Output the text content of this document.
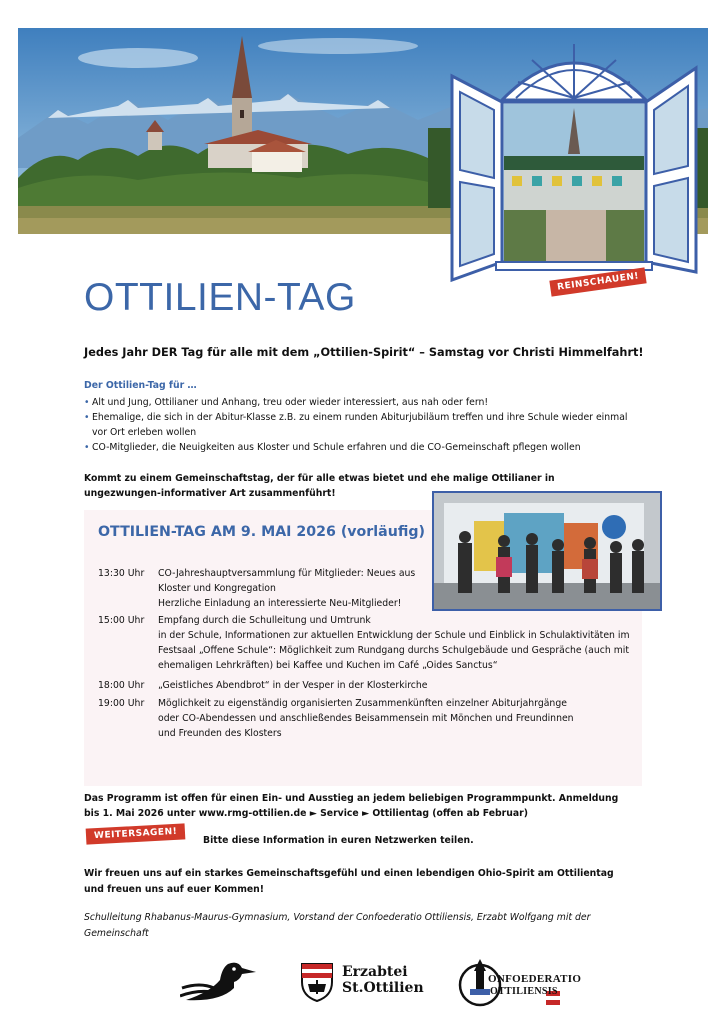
REINSCHAUEN!
OTTILIEN-TAG
Jedes Jahr DER Tag für alle mit dem „Ottilien-Spirit“ – Samstag vor Christi Himmelfahrt!
Der Ottilien-Tag für …
• Alt und Jung, Ottilianer und Anhang, treu oder wieder interessiert, aus nah oder fern!
• Ehemalige, die sich in der Abitur-Klasse z.B. zu einem runden Abiturjubiläum treffen und ihre Schule wieder einmal vor Ort erleben wollen
• CO-Mitglieder, die Neuigkeiten aus Kloster und Schule erfahren und die CO-Gemeinschaft pflegen wollen
Kommt zu einem Gemeinschaftstag, der für alle etwas bietet und ehe malige Ottilianer in ungezwungen-informativer Art zusammenführt!
OTTILIEN-TAG AM 9. MAI 2026 (vorläufig)
13:30 Uhr	CO-Jahreshauptversammlung für Mitglieder: Neues aus Kloster und Kongregation
Herzliche Einladung an interessierte Neu-Mitglieder!
15:00 Uhr	Empfang durch die Schulleitung und Umtrunk
in der Schule, Informationen zur aktuellen Entwicklung der Schule und Einblick in Schulaktivitäten im Festsaal „Offene Schule“: Möglichkeit zum Rundgang durchs Schulgebäude und Gespräche (auch mit ehemaligen Lehrkräften) bei Kaffee und Kuchen im Café „Oides Sanctus“
18:00 Uhr	„Geistliches Abendbrot“ in der Vesper in der Klosterkirche
19:00 Uhr	Möglichkeit zu eigenständig organisierten Zusammenkünften einzelner Abiturjahrgänge oder CO-Abendessen und anschließendes Beisammensein mit Mönchen und Freundinnen und Freunden des Klosters
Das Programm ist offen für einen Ein- und Ausstieg an jedem beliebigen Programmpunkt. Anmeldung bis 1. Mai 2026 unter www.rmg-ottilien.de ► Service ► Ottilientag (offen ab Februar)
WEITERSAGEN!	Bitte diese Information in euren Netzwerken teilen.
Wir freuen uns auf ein starkes Gemeinschaftsgefühl und einen lebendigen Ohio-Spirit am Ottilientag und freuen uns auf euer Kommen!
Schulleitung Rhabanus-Maurus-Gymnasium, Vorstand der Confoederatio Ottiliensis, Erzabt Wolfgang mit der Gemeinschaft
Erzabtei
St.Ottilien
ONFOEDERATIO
OTTILIENSIS
